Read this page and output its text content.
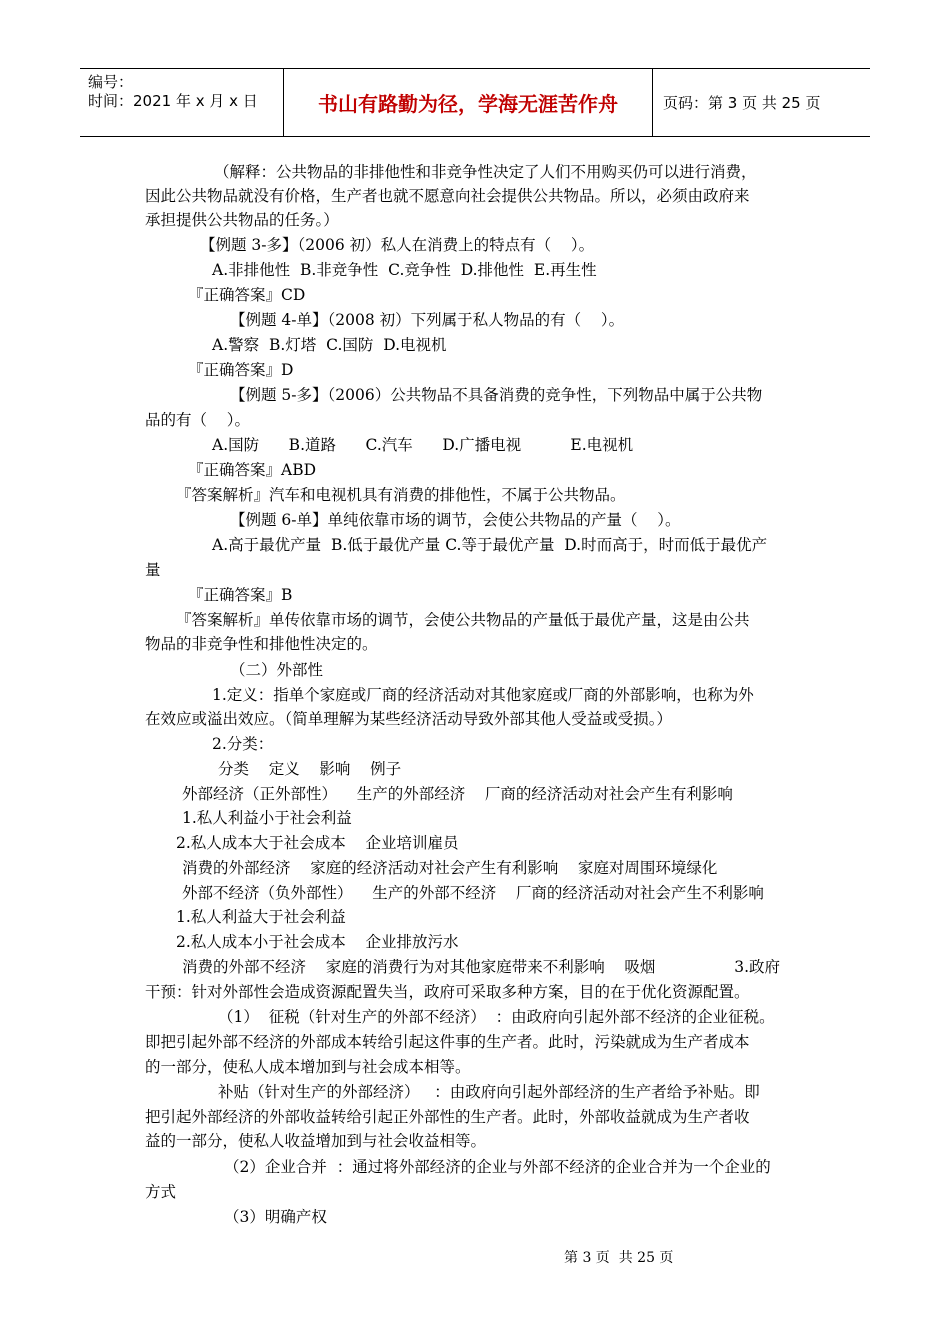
编号：
时间：2021 年 x 月 x 日	书山有路勤为径，学海无涯苦作舟	页码：第 3 页 共 25 页
（解释：公共物品的非排他性和非竞争性决定了人们不用购买仍可以进行消费，
因此公共物品就没有价格，生产者也就不愿意向社会提供公共物品。所以，必须由政府来
承担提供公共物品的任务。）
【例题 3-多】（2006 初）私人在消费上的特点有（    ）。
A.非排他性  B.非竞争性  C.竞争性  D.排他性  E.再生性
『正确答案』CD
【例题 4-单】（2008 初）下列属于私人物品的有（    ）。
A.警察  B.灯塔  C.国防  D.电视机
『正确答案』D
【例题 5-多】（2006）公共物品不具备消费的竞争性，下列物品中属于公共物
品的有（    ）。
A.国防      B.道路      C.汽车      D.广播电视          E.电视机
『正确答案』ABD
『答案解析』汽车和电视机具有消费的排他性，不属于公共物品。
【例题 6-单】单纯依靠市场的调节，会使公共物品的产量（    ）。
A.高于最优产量  B.低于最优产量 C.等于最优产量  D.时而高于，时而低于最优产
量
『正确答案』B
『答案解析』单传依靠市场的调节，会使公共物品的产量低于最优产量，这是由公共
物品的非竞争性和排他性决定的。
（二）外部性
1.定义：指单个家庭或厂商的经济活动对其他家庭或厂商的外部影响，也称为外
在效应或溢出效应。（简单理解为某些经济活动导致外部其他人受益或受损。）
2.分类：
分类    定义    影响    例子
外部经济（正外部性）    生产的外部经济    厂商的经济活动对社会产生有利影响
1.私人利益小于社会利益
2.私人成本大于社会成本    企业培训雇员
消费的外部经济    家庭的经济活动对社会产生有利影响    家庭对周围环境绿化
外部不经济（负外部性）    生产的外部不经济    厂商的经济活动对社会产生不利影响
1.私人利益大于社会利益
2.私人成本小于社会成本    企业排放污水
消费的外部不经济    家庭的消费行为对其他家庭带来不利影响    吸烟                3.政府
干预：针对外部性会造成资源配置失当，政府可采取多种方案，目的在于优化资源配置。
（1）  征税（针对生产的外部不经济）  ：由政府向引起外部不经济的企业征税。
即把引起外部不经济的外部成本转给引起这件事的生产者。此时，污染就成为生产者成本
的一部分，使私人成本增加到与社会成本相等。
补贴（针对生产的外部经济）   ：由政府向引起外部经济的生产者给予补贴。即
把引起外部经济的外部收益转给引起正外部性的生产者。此时，外部收益就成为生产者收
益的一部分，使私人收益增加到与社会收益相等。
（2）企业合并  ：通过将外部经济的企业与外部不经济的企业合并为一个企业的
方式
（3）明确产权
第 3 页  共 25 页
